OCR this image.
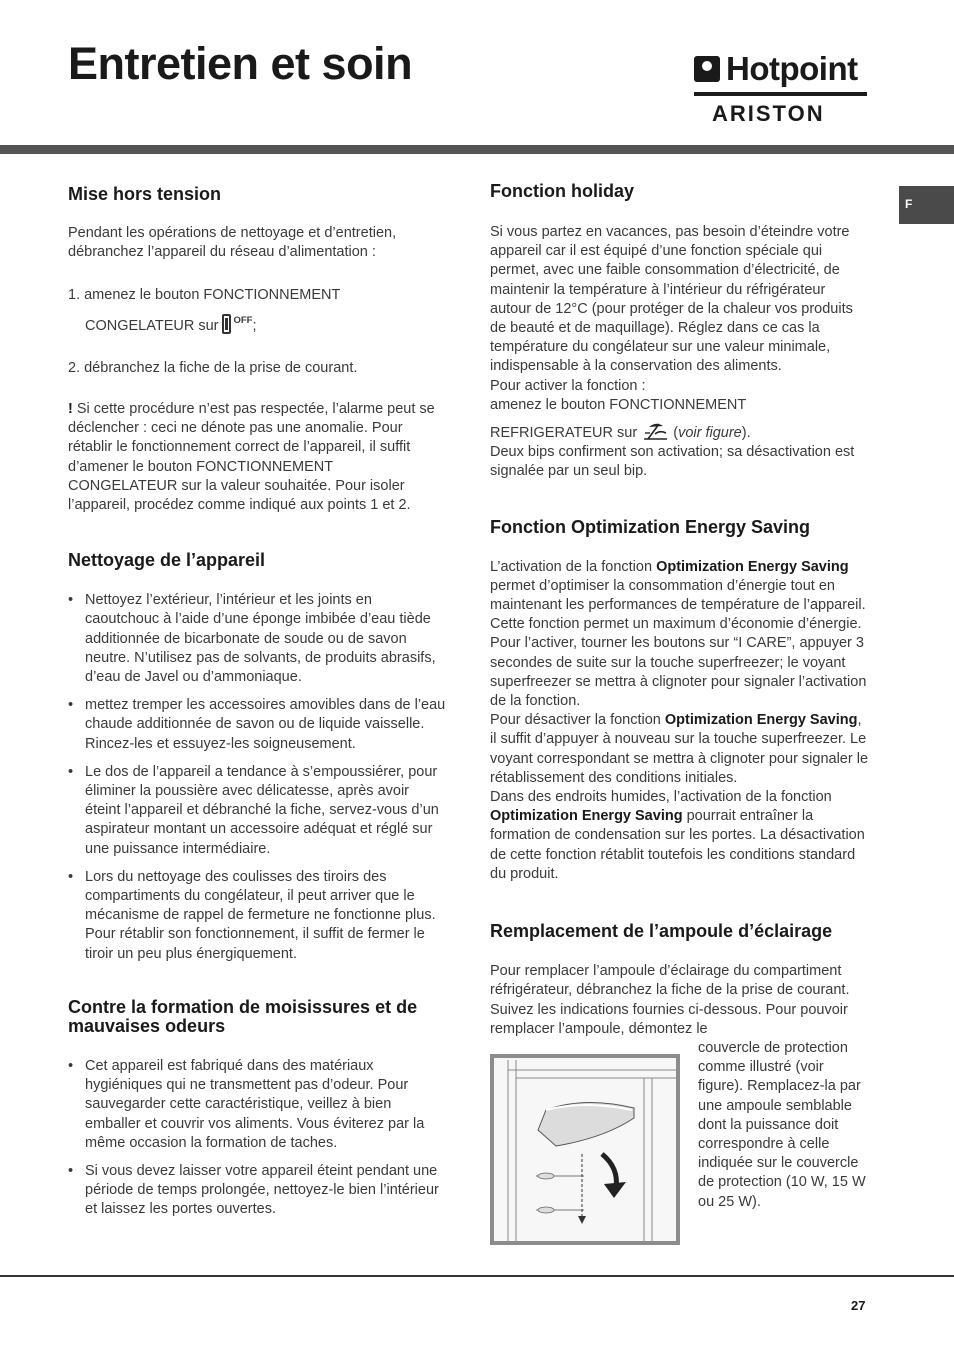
Entretien et soin	Hotpoint
ARISTON
F
Mise hors tension

Pendant les opérations de nettoyage et d’entretien, débranchez l’appareil du réseau d’alimentation :

1. amenez le bouton FONCTIONNEMENT

CONGELATEUR sur $^{OFF}$;

2. débranchez la fiche de la prise de courant.

! Si cette procédure n’est pas respectée, l’alarme peut se déclencher : ceci ne dénote pas une anomalie. Pour rétablir le fonctionnement correct de l’appareil, il suffit d’amener le bouton FONCTIONNEMENT CONGELATEUR sur la valeur souhaitée. Pour isoler l’appareil, procédez comme indiqué aux points 1 et 2.

Nettoyage de l’appareil

• Nettoyez l’extérieur, l’intérieur et les joints en caoutchouc à l’aide d’une éponge imbibée d’eau tiède additionnée de bicarbonate de soude ou de savon neutre. N’utilisez pas de solvants, de produits abrasifs, d’eau de Javel ou d’ammoniaque.

• mettez tremper les accessoires amovibles dans de l’eau chaude additionnée de savon ou de liquide vaisselle. Rincez-les et essuyez-les soigneusement.

• Le dos de l’appareil a tendance à s’empoussiérer, pour éliminer la poussière avec délicatesse, après avoir éteint l’appareil et débranché la fiche, servez-vous d’un aspirateur montant un accessoire adéquat et réglé sur une puissance intermédiaire.

• Lors du nettoyage des coulisses des tiroirs des compartiments du congélateur, il peut arriver que le mécanisme de rappel de fermeture ne fonctionne plus. Pour rétablir son fonctionnement, il suffit de fermer le tiroir un peu plus énergiquement.

Contre la formation de moisissures et de mauvaises odeurs

• Cet appareil est fabriqué dans des matériaux hygiéniques qui ne transmettent pas d’odeur. Pour sauvegarder cette caractéristique, veillez à bien emballer et couvrir vos aliments. Vous éviterez par la même occasion la formation de taches.

• Si vous devez laisser votre appareil éteint pendant une période de temps prolongée, nettoyez-le bien l’intérieur et laissez les portes ouvertes.

Fonction holiday

Si vous partez en vacances, pas besoin d’éteindre votre appareil car il est équipé d’une fonction spéciale qui permet, avec une faible consommation d’électricité, de maintenir la température à l’intérieur du réfrigérateur autour de 12°C (pour protéger de la chaleur vos produits de beauté et de maquillage). Réglez dans ce cas la température du congélateur sur une valeur minimale, indispensable à la conservation des aliments.

Pour activer la fonction :

amenez le bouton FONCTIONNEMENT

REFRIGERATEUR sur (voir figure).

Deux bips confirment son activation; sa désactivation est signalée par un seul bip.

Fonction Optimization Energy Saving

L’activation de la fonction Optimization Energy Saving permet d’optimiser la consommation d’énergie tout en maintenant les performances de température de l’appareil. Cette fonction permet un maximum d’économie d’énergie. Pour l’activer, tourner les boutons sur “I CARE”, appuyer 3 secondes de suite sur la touche superfreezer; le voyant superfreezer se mettra à clignoter pour signaler l’activation de la fonction.

Pour désactiver la fonction Optimization Energy Saving, il suffit d’appuyer à nouveau sur la touche superfreezer. Le voyant correspondant se mettra à clignoter pour signaler le rétablissement des conditions initiales.

Dans des endroits humides, l’activation de la fonction Optimization Energy Saving pourrait entraîner la formation de condensation sur les portes. La désactivation de cette fonction rétablit toutefois les conditions standard du produit.

Remplacement de l’ampoule d’éclairage

Pour remplacer l’ampoule d’éclairage du compartiment réfrigérateur, débranchez la fiche de la prise de courant. Suivez les indications fournies ci-dessous. Pour pouvoir remplacer l’ampoule, démontez le

couvercle de protection comme illustré (voir figure). Remplacez-la par une ampoule semblable dont la puissance doit correspondre à celle indiquée sur le couvercle de protection (10 W, 15 W ou 25 W).

27
